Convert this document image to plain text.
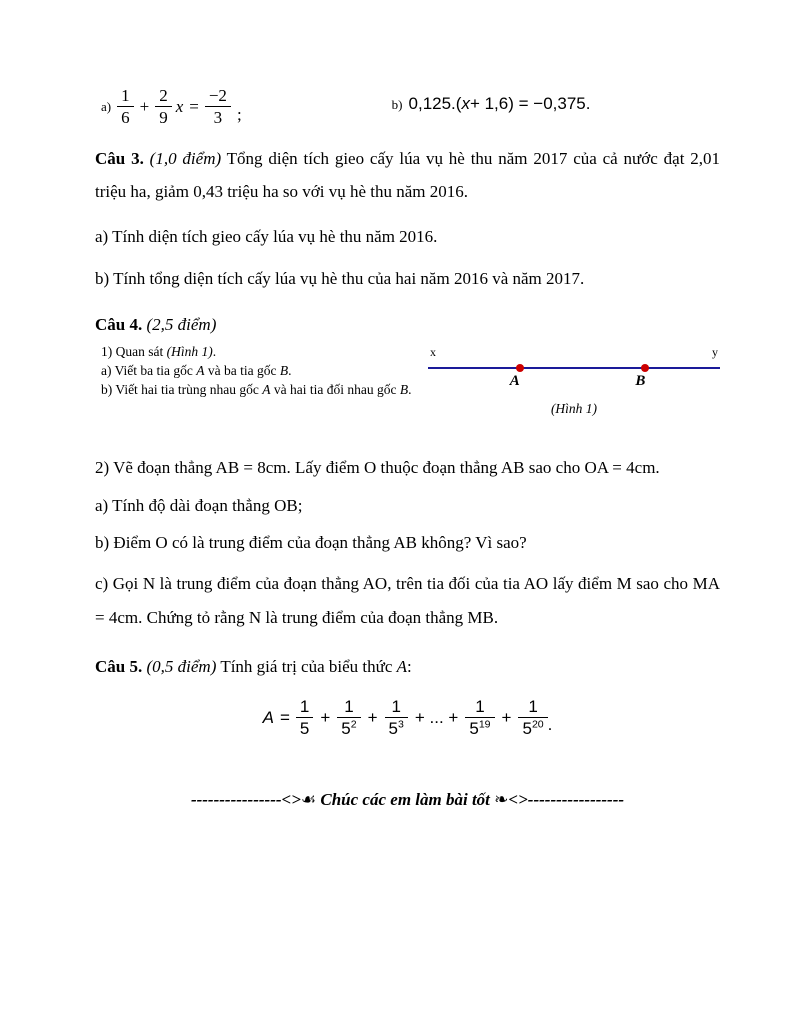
$a) \frac{1}{6} + \frac{2}{9}$ $x = \frac{-2}{3}$ ;
b) 0,125.(x+ 1,6) = −0,375.

Câu 3. (1,0 điểm) Tổng diện tích gieo cấy lúa vụ hè thu năm 2017 của cả nước đạt 2,01 triệu ha, giảm 0,43 triệu ha so với vụ hè thu năm 2016.

a) Tính diện tích gieo cấy lúa vụ hè thu năm 2016.

b) Tính tổng diện tích cấy lúa vụ hè thu của hai năm 2016 và năm 2017.

Câu 4. (2,5 điểm)

1) Quan sát (Hình 1).
a) Viết ba tia gốc A và ba tia gốc B.
b) Viết hai tia trùng nhau gốc A và hai tia đối nhau gốc B.
x	y
A	B
(Hình 1)

2) Vẽ đoạn thẳng AB = 8cm. Lấy điểm O thuộc đoạn thẳng AB sao cho OA = 4cm.

a) Tính độ dài đoạn thẳng OB;

b) Điểm O có là trung điểm của đoạn thẳng AB không? Vì sao?

c) Gọi N là trung điểm của đoạn thẳng AO, trên tia đối của tia AO lấy điểm M sao cho MA = 4cm. Chứng tỏ rằng N là trung điểm của đoạn thẳng MB.

Câu 5. (0,5 điểm) Tính giá trị của biểu thức A:

$A = \frac{1}{5} + \frac{1}{5^2} + \frac{1}{5^3}$ + ... + $\frac{1}{5^{19}} + \frac{1}{5^{20}}$ .
----------------<>☙ Chúc các em làm bài tốt ❧<>-----------------
